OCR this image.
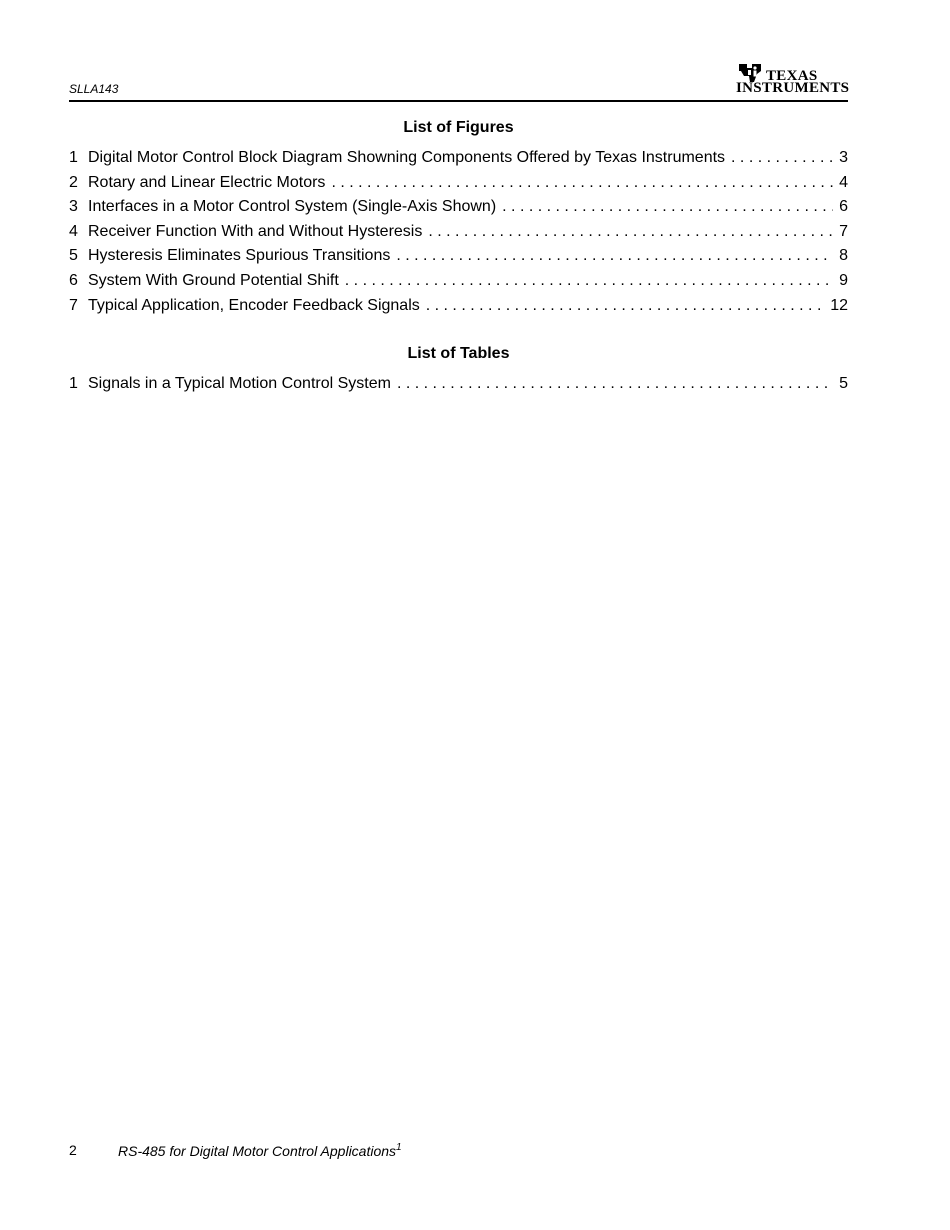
SLLA143
TEXAS
INSTRUMENTS
List of Figures
1 Digital Motor Control Block Diagram Showning Components Offered by Texas Instruments . . .	3
2 Rotary and Linear Electric Motors . . .	4
3 Interfaces in a Motor Control System (Single-Axis Shown) . . .	6
4 Receiver Function With and Without Hysteresis . . .	7
5 Hysteresis Eliminates Spurious Transitions . . .	8
6 System With Ground Potential Shift . . .	9
7 Typical Application, Encoder Feedback Signals . . .	12
List of Tables
1 Signals in a Typical Motion Control System . . .	5
2	RS-485 for Digital Motor Control Applications$^1$
